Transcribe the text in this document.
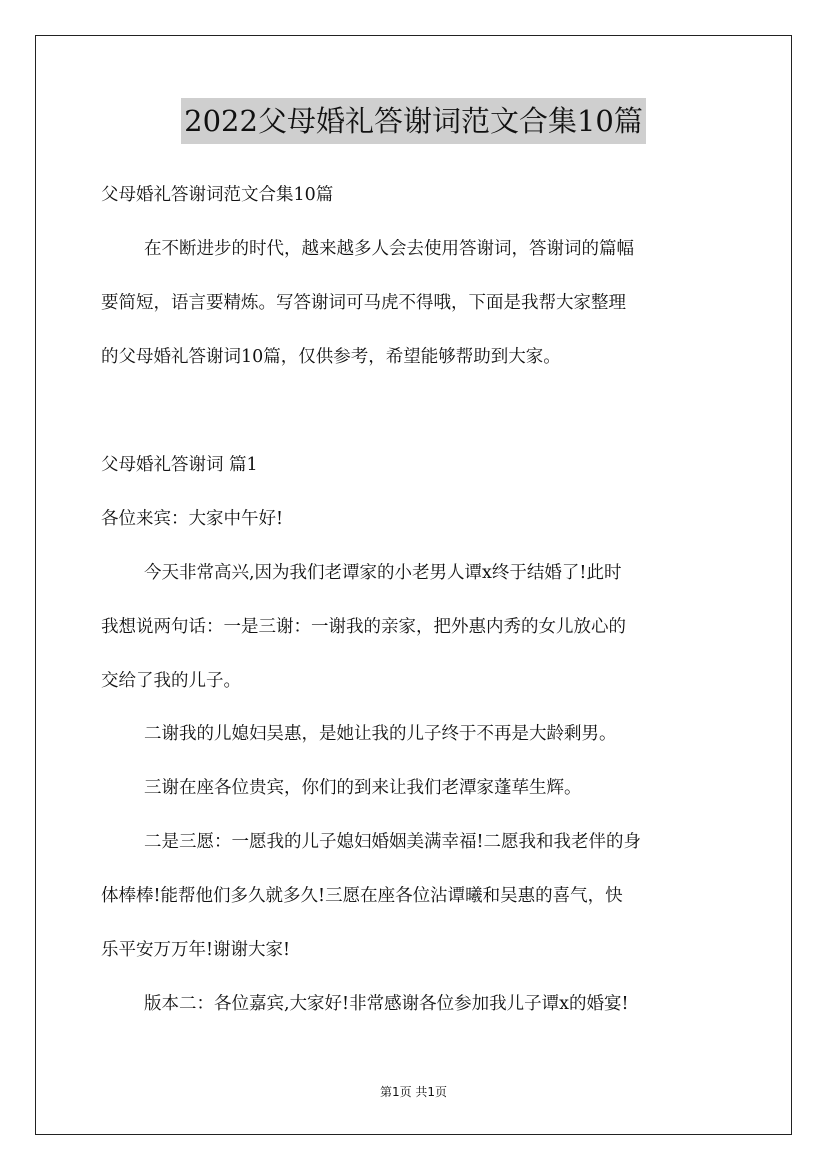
2022父母婚礼答谢词范文合集10篇
父母婚礼答谢词范文合集10篇
在不断进步的时代，越来越多人会去使用答谢词，答谢词的篇幅
要简短，语言要精炼。写答谢词可马虎不得哦，下面是我帮大家整理
的父母婚礼答谢词10篇，仅供参考，希望能够帮助到大家。
父母婚礼答谢词 篇1
各位来宾：大家中午好!
今天非常高兴,因为我们老谭家的小老男人谭x终于结婚了!此时
我想说两句话：一是三谢：一谢我的亲家，把外惠内秀的女儿放心的
交给了我的儿子。
二谢我的儿媳妇吴惠，是她让我的儿子终于不再是大龄剩男。
三谢在座各位贵宾，你们的到来让我们老潭家蓬荜生辉。
二是三愿：一愿我的儿子媳妇婚姻美满幸福!二愿我和我老伴的身
体棒棒!能帮他们多久就多久!三愿在座各位沾谭曦和吴惠的喜气，快
乐平安万万年!谢谢大家!
版本二：各位嘉宾,大家好!非常感谢各位参加我儿子谭x的婚宴!
第1页 共1页
